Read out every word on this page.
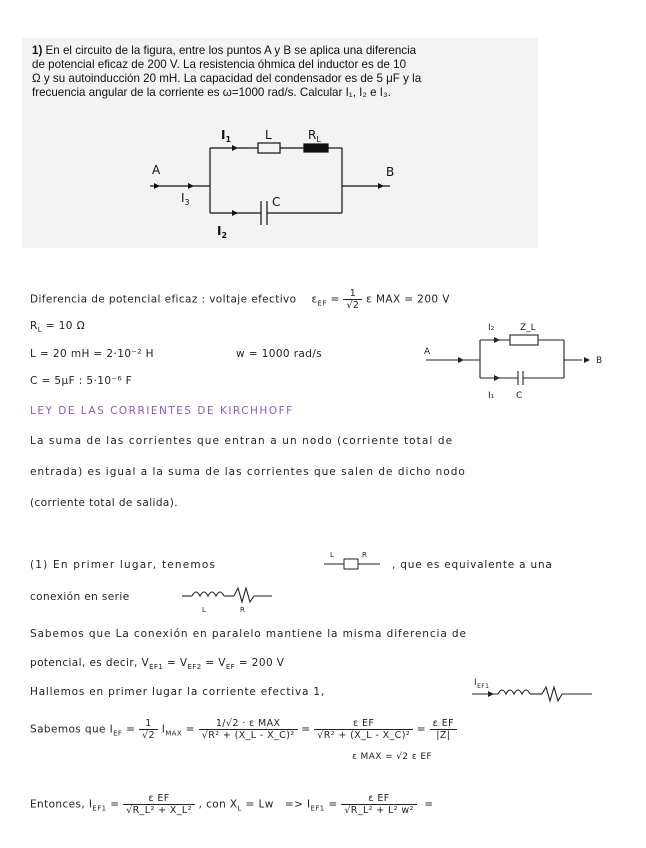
1) En el circuito de la figura, entre los puntos A y B se aplica una diferencia
de potencial eficaz de 200 V. La resistencia óhmica del inductor es de 10
Ω y su autoinducción 20 mH. La capacidad del condensador es de 5 μF y la
frecuencia angular de la corriente es ω=1000 rad/s. Calcular I₁, I₂ e I₃.
A	B
L	$R_L$
C
$I_1$
$I_3$
$I_2$
Diferencia de potencial eficaz : voltaje efectivo $\varepsilon_{EF} = \frac{1}{√2}$ ε MAX = 200 V
$R_L = 10$ Ω
L = 20 mH = 2·10⁻² H	w = 1000 rad/s
C = 5μF : 5·10⁻⁶ F
A
B
I₂	Z_L
I₁ C
LEY DE LAS CORRIENTES DE KIRCHHOFF
La suma de las corrientes que entran a un nodo (corriente total de
entrada) es igual a la suma de las corrientes que salen de dicho nodo
(corriente total de salida).
(1) En primer lugar, tenemos
L	R
, que es equivalente a una
conexión en serie
L	R
Sabemos que La conexión en paralelo mantiene la misma diferencia de
potencial, es decir, $V_{EF1} = V_{EF2} = V_{EF} = 200$ V
Hallemos en primer lugar la corriente efectiva 1,
$I_{EF1}$
Sabemos que $I_{EF} = \frac{1}{√2} I_{MAX} = \frac{\text{1/√2 · ε MAX}}{\text{√R² + (X\_L - X\_C)²}} = \frac{\text{ε EF}}{\text{√R² + (X\_L - X\_C)²}} = \frac{\text{ε EF}}{|Z|}$
ε MAX = √2 ε EF
Entonces, $I_{EF1} = \frac{\text{ε EF}}{\text{√R\_L² + X\_L²}}$ , con $X_L = Lw => I_{EF1} = \frac{\text{ε EF}}{\text{√R\_L² + L² w²}}$ =
